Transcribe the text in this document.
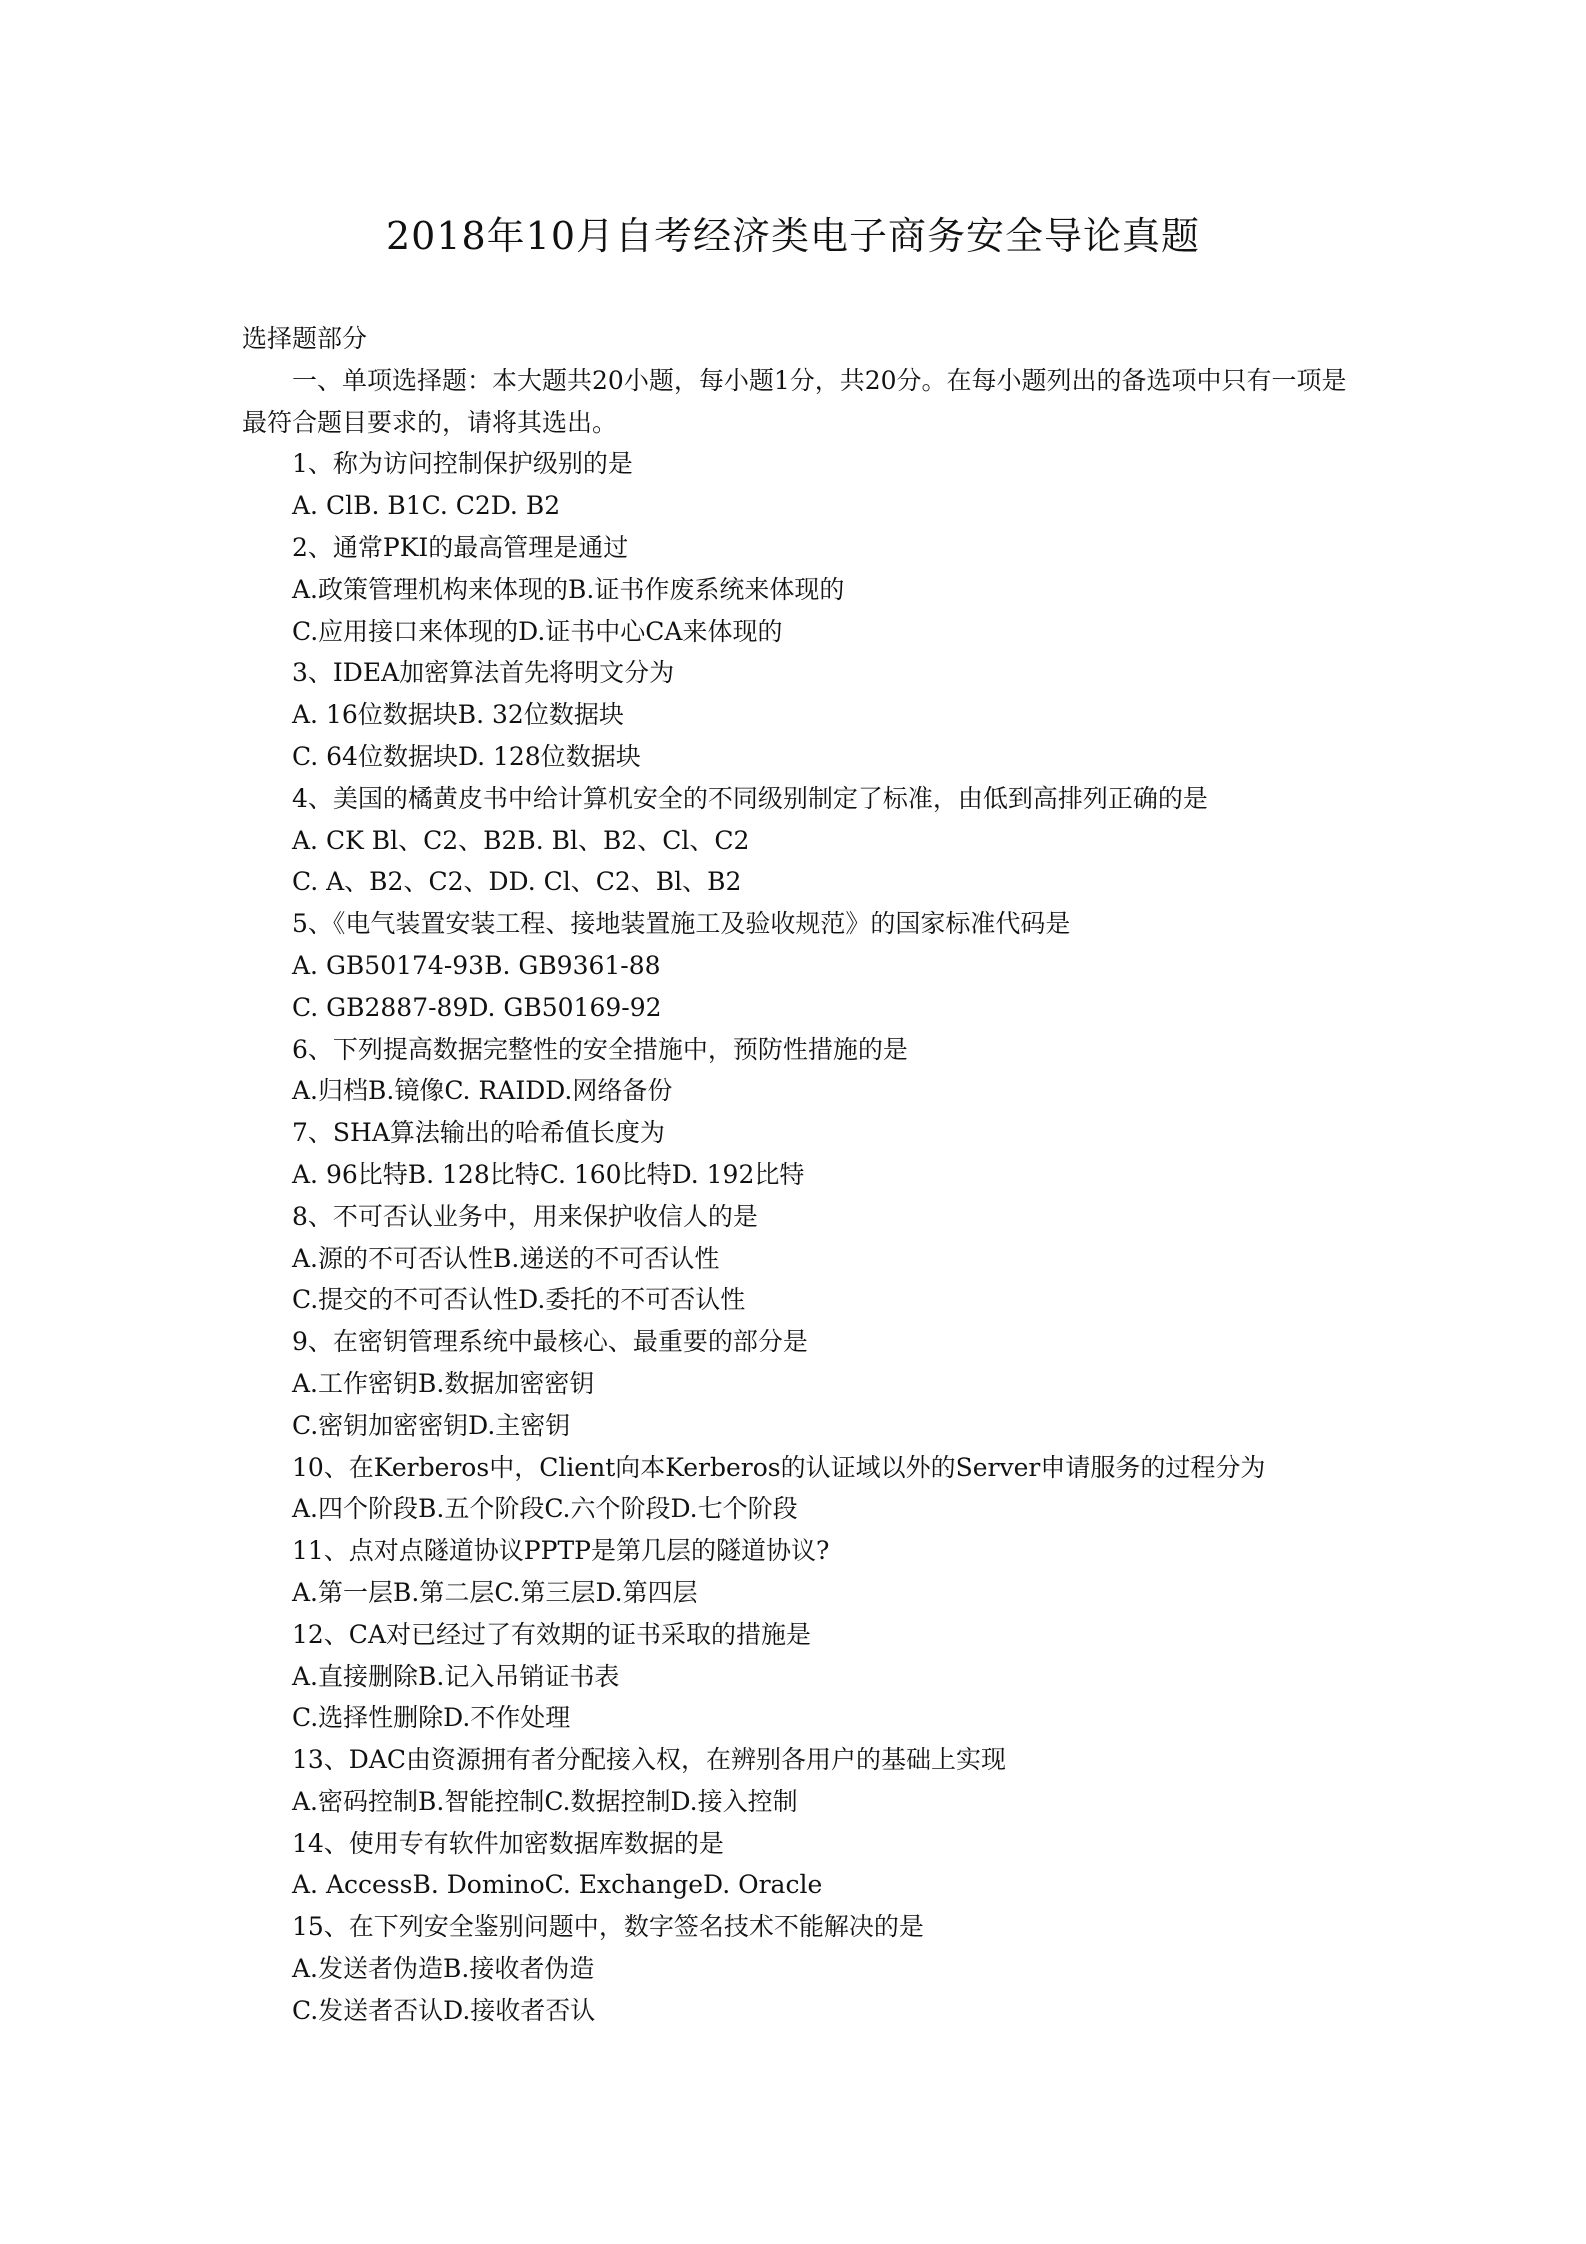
2018年10月自考经济类电子商务安全导论真题
选择题部分
一、单项选择题：本大题共20小题，每小题1分，共20分。在每小题列出的备选项中只有一项是最符合题目要求的，请将其选出。
1、称为访问控制保护级别的是
A. ClB. B1C. C2D. B2
2、通常PKI的最高管理是通过
A.政策管理机构来体现的B.证书作废系统来体现的
C.应用接口来体现的D.证书中心CA来体现的
3、IDEA加密算法首先将明文分为
A. 16位数据块B. 32位数据块
C. 64位数据块D. 128位数据块
4、美国的橘黄皮书中给计算机安全的不同级别制定了标准，由低到高排列正确的是
A. CK Bl、C2、B2B. Bl、B2、Cl、C2
C. A、B2、C2、DD. Cl、C2、Bl、B2
5、《电气装置安装工程、接地装置施工及验收规范》的国家标准代码是
A. GB50174-93B. GB9361-88
C. GB2887-89D. GB50169-92
6、下列提高数据完整性的安全措施中，预防性措施的是
A.归档B.镜像C. RAIDD.网络备份
7、SHA算法输出的哈希值长度为
A. 96比特B. 128比特C. 160比特D. 192比特
8、不可否认业务中，用来保护收信人的是
A.源的不可否认性B.递送的不可否认性
C.提交的不可否认性D.委托的不可否认性
9、在密钥管理系统中最核心、最重要的部分是
A.工作密钥B.数据加密密钥
C.密钥加密密钥D.主密钥
10、在Kerberos中，Client向本Kerberos的认证域以外的Server申请服务的过程分为
A.四个阶段B.五个阶段C.六个阶段D.七个阶段
11、点对点隧道协议PPTP是第几层的隧道协议?
A.第一层B.第二层C.第三层D.第四层
12、CA对已经过了有效期的证书采取的措施是
A.直接删除B.记入吊销证书表
C.选择性删除D.不作处理
13、DAC由资源拥有者分配接入权，在辨别各用户的基础上实现
A.密码控制B.智能控制C.数据控制D.接入控制
14、使用专有软件加密数据库数据的是
A. AccessB. DominoC. ExchangeD. Oracle
15、在下列安全鉴别问题中，数字签名技术不能解决的是
A.发送者伪造B.接收者伪造
C.发送者否认D.接收者否认
